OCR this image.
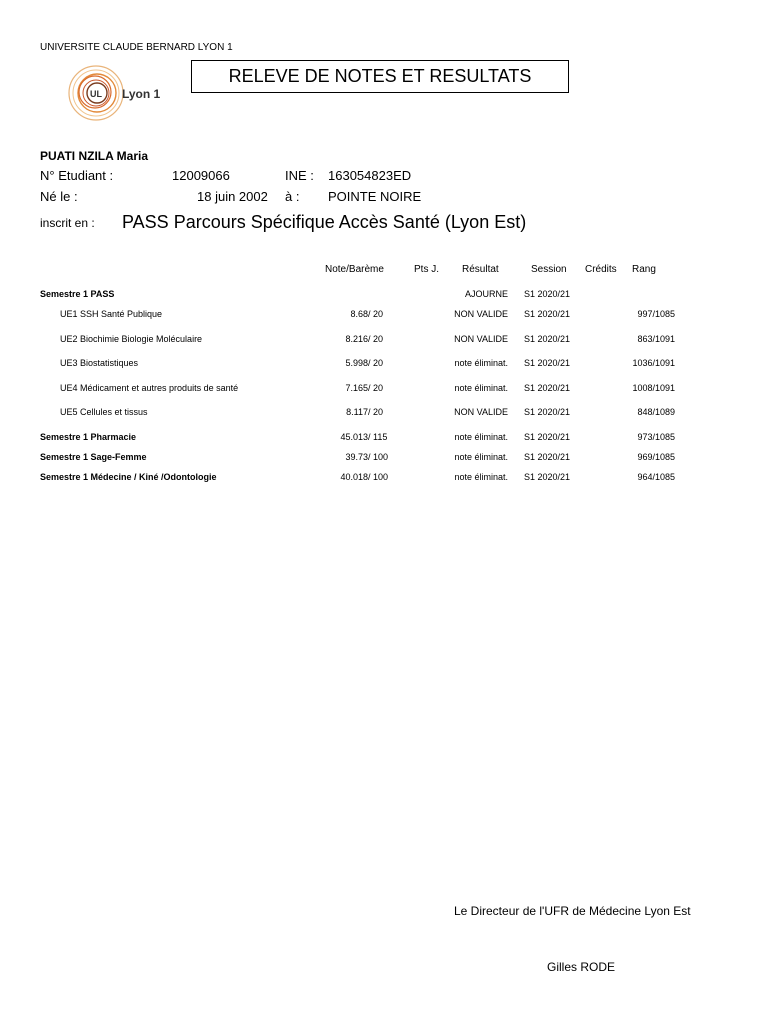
UNIVERSITE CLAUDE BERNARD LYON 1
UL Lyon 1
RELEVE DE NOTES ET RESULTATS
PUATI NZILA Maria
N° Etudiant :	12009066	INE : 163054823ED
Né le :	18 juin 2002 à : POINTE NOIRE
inscrit en : PASS Parcours Spécifique Accès Santé (Lyon Est)
Note/Barème	Pts J. Résultat	Session Crédits Rang
Semestre 1 PASS	AJOURNE S1 2020/21
UE1 SSH Santé Publique	8.68 / 20	NON VALIDE S1 2020/21	997/1085
UE2 Biochimie Biologie Moléculaire	8.216 / 20	NON VALIDE S1 2020/21	863/1091
UE3 Biostatistiques	5.998 / 20	note éliminat. S1 2020/21	1036/1091
UE4 Médicament et autres produits de santé	7.165 / 20	note éliminat. S1 2020/21	1008/1091
UE5 Cellules et tissus	8.117 / 20	NON VALIDE S1 2020/21	848/1089
Semestre 1 Pharmacie	45.013 / 115	note éliminat. S1 2020/21	973/1085
Semestre 1 Sage-Femme	39.73 / 100	note éliminat. S1 2020/21	969/1085
Semestre 1 Médecine / Kiné /Odontologie	40.018 / 100	note éliminat. S1 2020/21	964/1085
Le Directeur de l'UFR de Médecine Lyon Est
Gilles RODE
